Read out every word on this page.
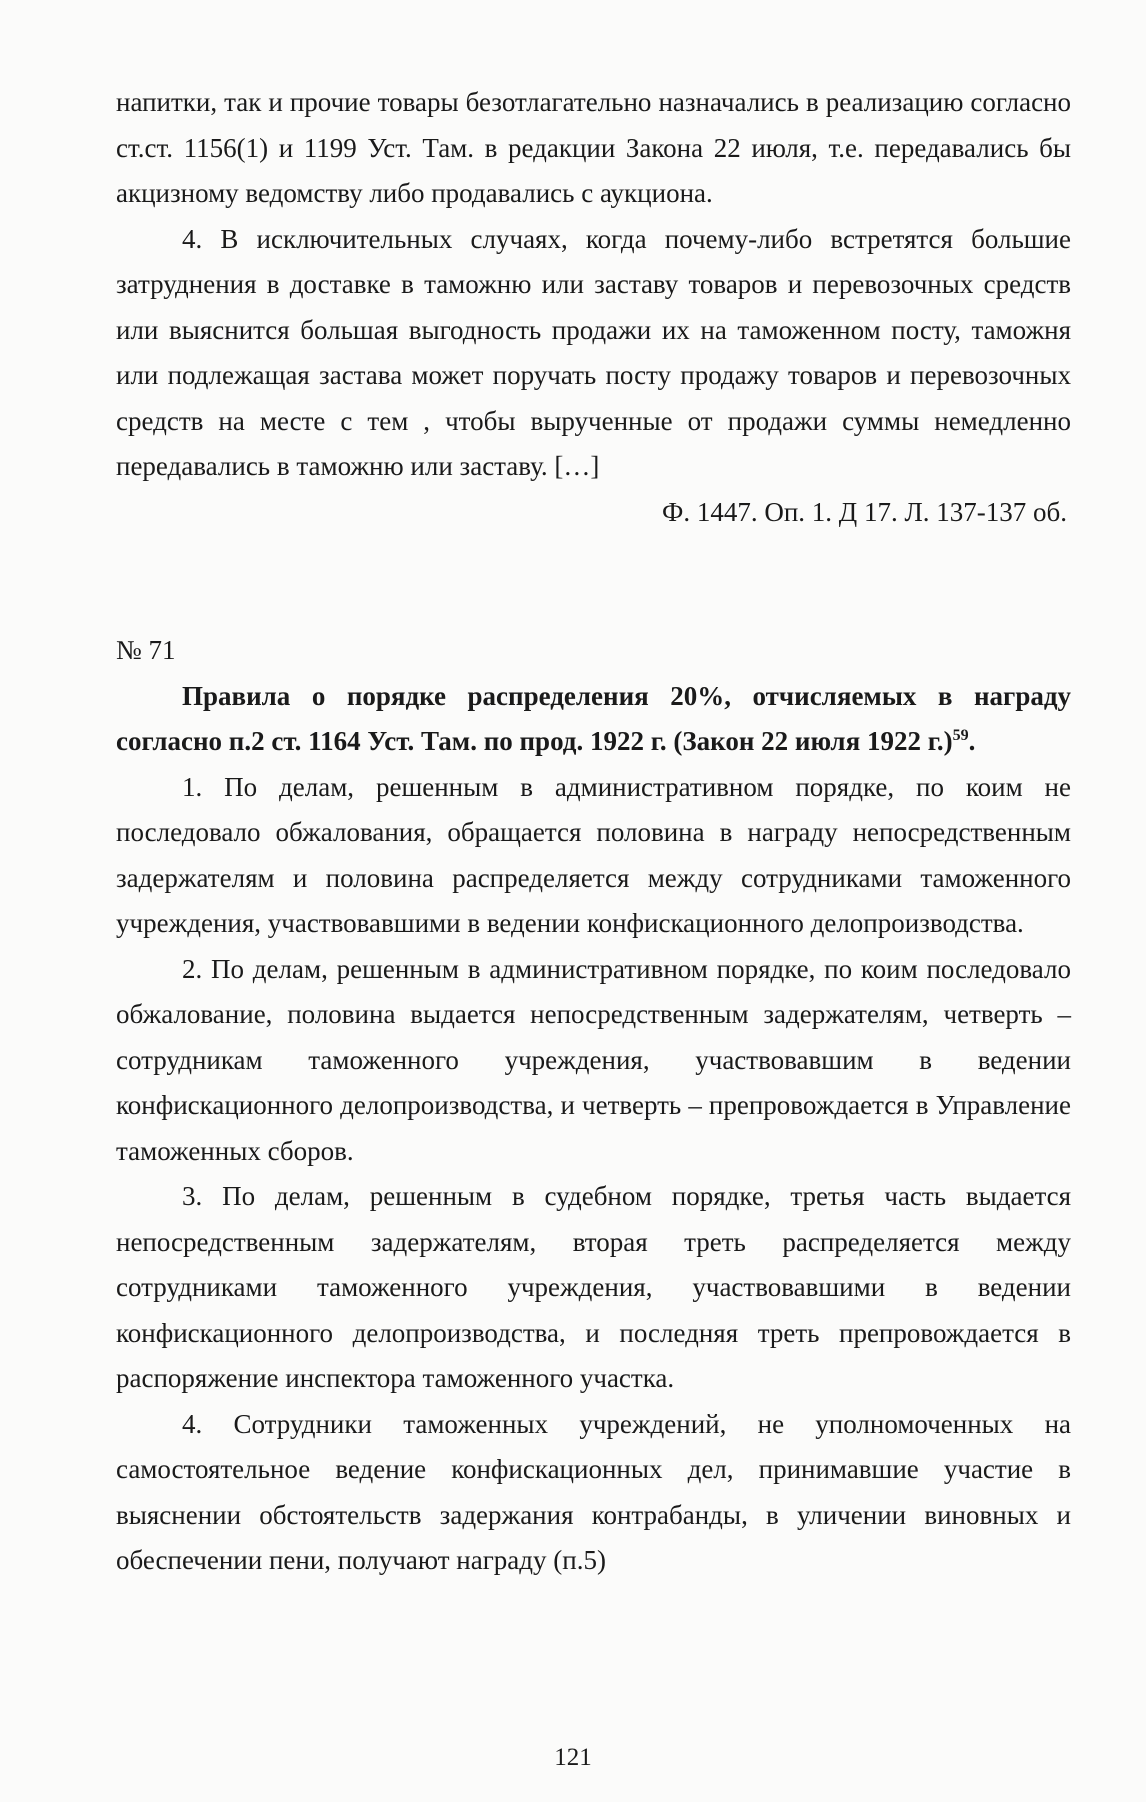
напитки, так и прочие товары безотлагательно назначались в реализацию согласно ст.ст. 1156(1) и 1199 Уст. Там. в редакции Закона 22 июля, т.е. передавались бы акцизному ведомству либо продавались с аукциона.

4. В исключительных случаях, когда почему-либо встретятся большие затруднения в доставке в таможню или заставу товаров и перевозочных средств или выяснится большая выгодность продажи их на таможенном посту, таможня или подлежащая застава может поручать посту продажу товаров и перевозочных средств на месте с тем , чтобы вырученные от продажи суммы немедленно передавались в таможню или заставу. […]

Ф. 1447. Оп. 1. Д 17. Л. 137-137 об.

№ 71

Правила о порядке распределения 20%, отчисляемых в награду согласно п.2 ст. 1164 Уст. Там. по прод. 1922 г. (Закон 22 июля 1922 г.)$^{59}$.

1. По делам, решенным в административном порядке, по коим не последовало обжалования, обращается половина в награду непосредственным задержателям и половина распределяется между сотрудниками таможенного учреждения, участвовавшими в ведении конфискационного делопроизводства.

2. По делам, решенным в административном порядке, по коим последовало обжалование, половина выдается непосредственным задержателям, четверть – сотрудникам таможенного учреждения, участвовавшим в ведении конфискационного делопроизводства, и четверть – препровождается в Управление таможенных сборов.

3. По делам, решенным в судебном порядке, третья часть выдается непосредственным задержателям, вторая треть распределяется между сотрудниками таможенного учреждения, участвовавшими в ведении конфискационного делопроизводства, и последняя треть препровождается в распоряжение инспектора таможенного участка.

4. Сотрудники таможенных учреждений, не уполномоченных на самостоятельное ведение конфискационных дел, принимавшие участие в выяснении обстоятельств задержания контрабанды, в уличении виновных и обеспечении пени, получают награду (п.5)

121
